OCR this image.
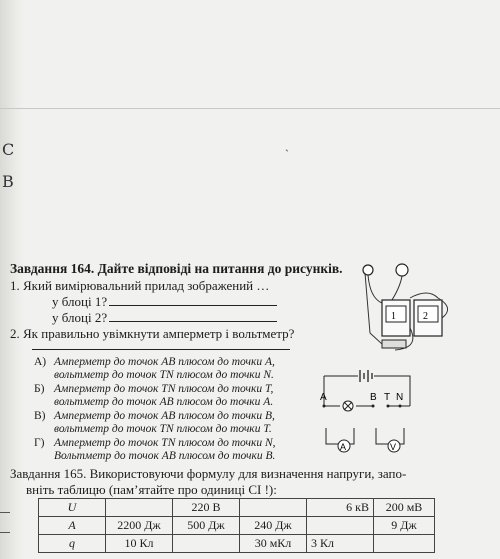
C
B
ˏ
Завдання 164. Дайте відповіді на питання до рисунків.
1. Який вимірювальний прилад зображений …
у блоці 1?
у блоці 2?
2. Як правильно увімкнути амперметр і вольтметр?
А) Амперметр до точок AB плюсом до точки A,
вольтметр до точок TN плюсом до точки N.
Б) Амперметр до точок TN плюсом до точки T,
вольтметр до точок AB плюсом до точки A.
В) Амперметр до точок AB плюсом до точки B,
вольтметр до точок TN плюсом до точки T.
Г) Амперметр до точок TN плюсом до точки N,
Вольтметр до точок AB плюсом до точки B.
1	2
A	B T N
A	V
Завдання 165. Використовуючи формулу для визначення напруги, запо-
вніть таблицю (пам’ятайте про одиниці СІ !):
U		220 В		6 кВ	200 мВ
A	2200 Дж	500 Дж	240 Дж		9 Дж
q	10 Кл		30 мКл	3 Кл	
